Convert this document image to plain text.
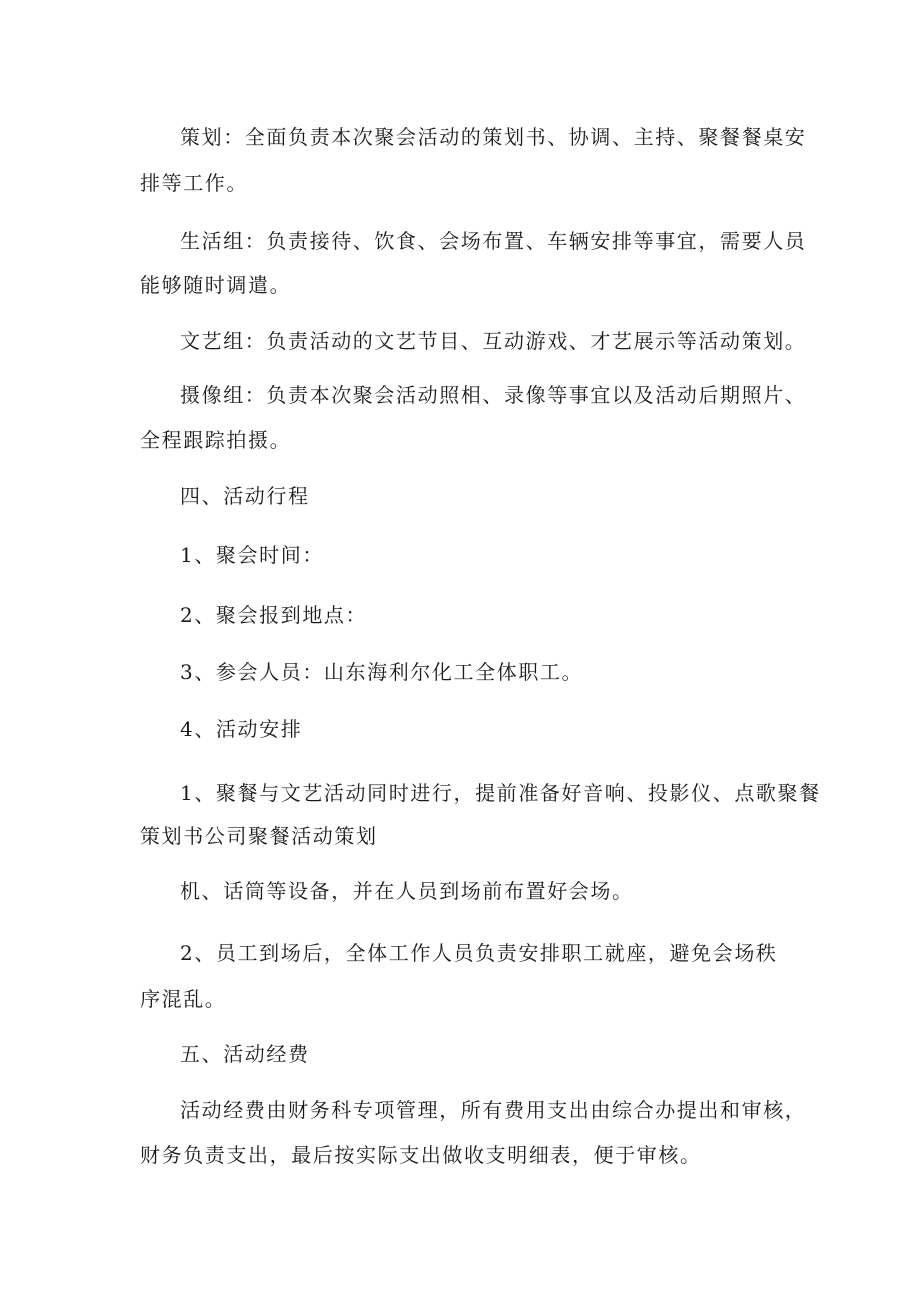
策划：全面负责本次聚会活动的策划书、协调、主持、聚餐餐桌安
排等工作。
生活组：负责接待、饮食、会场布置、车辆安排等事宜，需要人员
能够随时调遣。
文艺组：负责活动的文艺节目、互动游戏、才艺展示等活动策划。
摄像组：负责本次聚会活动照相、录像等事宜以及活动后期照片、
全程跟踪拍摄。
四、活动行程
1、聚会时间：
2、聚会报到地点：
3、参会人员：山东海利尔化工全体职工。
4、活动安排
1、聚餐与文艺活动同时进行，提前准备好音响、投影仪、点歌聚餐
策划书公司聚餐活动策划
机、话筒等设备，并在人员到场前布置好会场。
2、员工到场后，全体工作人员负责安排职工就座，避免会场秩
序混乱。
五、活动经费
活动经费由财务科专项管理，所有费用支出由综合办提出和审核，
财务负责支出，最后按实际支出做收支明细表，便于审核。
